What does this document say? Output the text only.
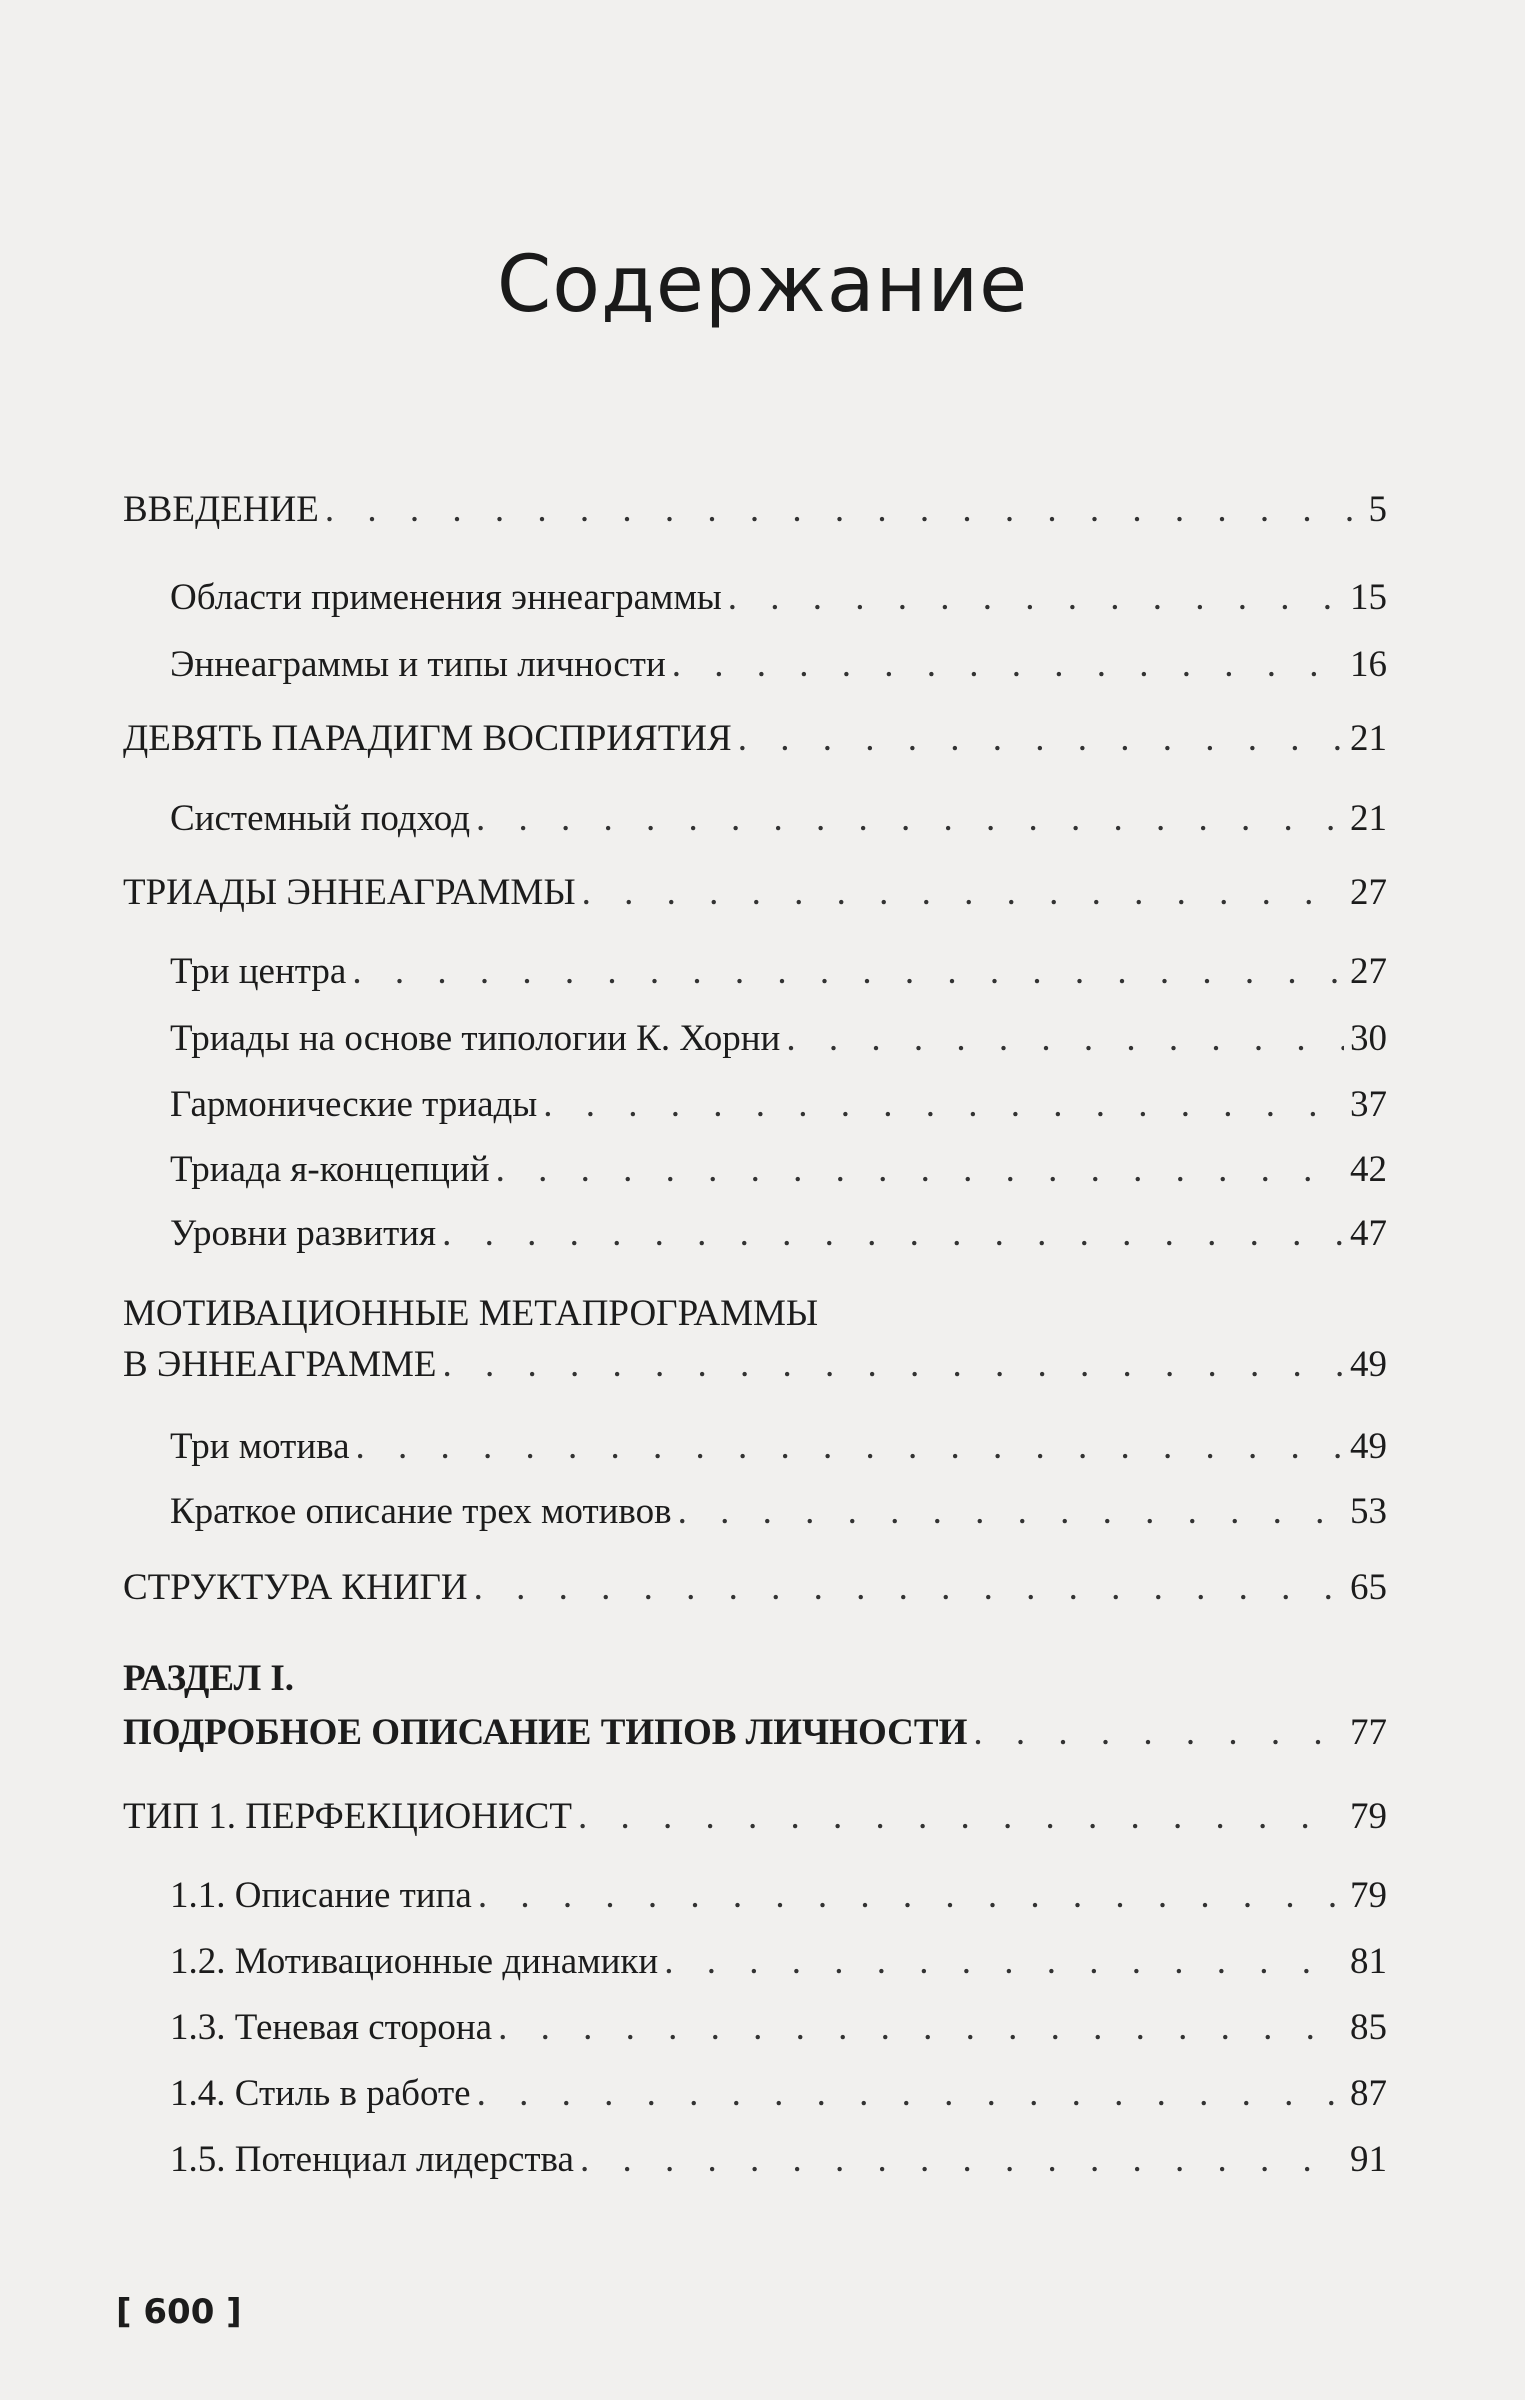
Содержание
ВВЕДЕНИЕ . . .	5
Области применения эннеаграммы . . .	15
Эннеаграммы и типы личности . . .	16
ДЕВЯТЬ ПАРАДИГМ ВОСПРИЯТИЯ . . .	21
Системный подход . . .	21
ТРИАДЫ ЭННЕАГРАММЫ . . .	27
Три центра . . .	27
Триады на основе типологии К. Хорни . . .	30
Гармонические триады . . .	37
Триада я-концепций . . .	42
Уровни развития . . .	47
МОТИВАЦИОННЫЕ МЕТАПРОГРАММЫ
В ЭННЕАГРАММЕ . . .	49
Три мотива . . .	49
Краткое описание трех мотивов . . .	53
СТРУКТУРА КНИГИ . . .	65
РАЗДЕЛ I.
ПОДРОБНОЕ ОПИСАНИЕ ТИПОВ ЛИЧНОСТИ . . .	77
ТИП 1. ПЕРФЕКЦИОНИСТ . . .	79
1.1. Описание типа . . .	79
1.2. Мотивационные динамики . . .	81
1.3. Теневая сторона . . .	85
1.4. Стиль в работе . . .	87
1.5. Потенциал лидерства . . .	91
[ 600 ]
